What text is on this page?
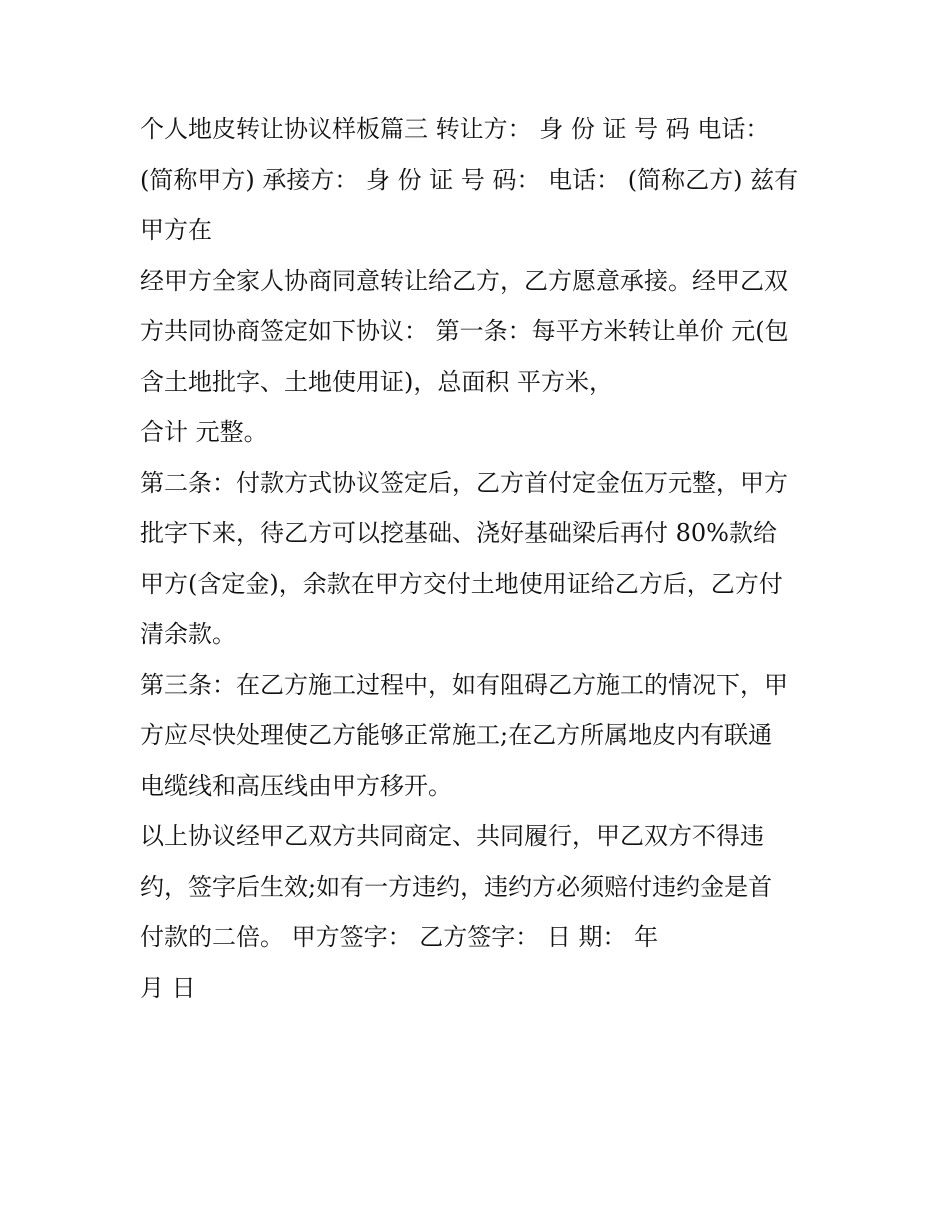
个人地皮转让协议样板篇三 转让方： 身 份 证 号 码 电话：
(简称甲方) 承接方： 身 份 证 号 码： 电话： (简称乙方) 兹有
甲方在
经甲方全家人协商同意转让给乙方，乙方愿意承接。经甲乙双
方共同协商签定如下协议： 第一条：每平方米转让单价 元(包
含土地批字、土地使用证)，总面积 平方米，
合计 元整。
第二条：付款方式协议签定后，乙方首付定金伍万元整，甲方
批字下来，待乙方可以挖基础、浇好基础梁后再付 80%款给
甲方(含定金)，余款在甲方交付土地使用证给乙方后，乙方付
清余款。
第三条：在乙方施工过程中，如有阻碍乙方施工的情况下，甲
方应尽快处理使乙方能够正常施工;在乙方所属地皮内有联通
电缆线和高压线由甲方移开。
以上协议经甲乙双方共同商定、共同履行，甲乙双方不得违
约，签字后生效;如有一方违约，违约方必须赔付违约金是首
付款的二倍。 甲方签字： 乙方签字： 日 期： 年
月 日
